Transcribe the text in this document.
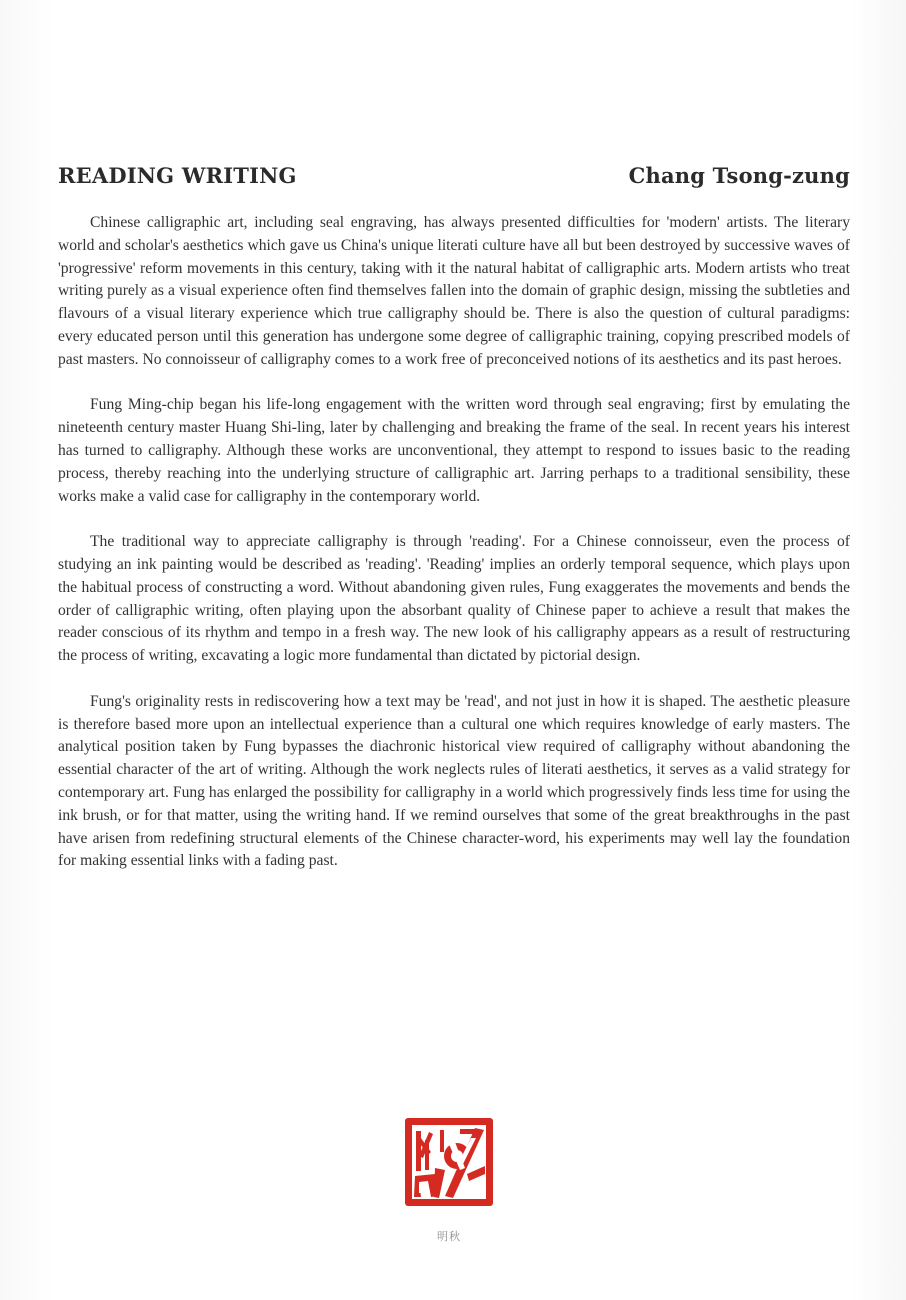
READING WRITING	Chang Tsong-zung

Chinese calligraphic art, including seal engraving, has always presented difficulties for 'modern' artists. The literary world and scholar's aesthetics which gave us China's unique literati culture have all but been destroyed by successive waves of 'progressive' reform movements in this century, taking with it the natural habitat of calligraphic arts. Modern artists who treat writing purely as a visual experience often find themselves fallen into the domain of graphic design, missing the subtleties and flavours of a visual literary experience which true calligraphy should be. There is also the question of cultural paradigms: every educated person until this generation has undergone some degree of calligraphic training, copying prescribed models of past masters. No connoisseur of calligraphy comes to a work free of preconceived notions of its aesthetics and its past heroes.

Fung Ming-chip began his life-long engagement with the written word through seal engraving; first by emulating the nineteenth century master Huang Shi-ling, later by challenging and breaking the frame of the seal. In recent years his interest has turned to calligraphy. Although these works are unconventional, they attempt to respond to issues basic to the reading process, thereby reaching into the underlying structure of calligraphic art. Jarring perhaps to a traditional sensibility, these works make a valid case for calligraphy in the contemporary world.

The traditional way to appreciate calligraphy is through 'reading'. For a Chinese connoisseur, even the process of studying an ink painting would be described as 'reading'. 'Reading' implies an orderly temporal sequence, which plays upon the habitual process of constructing a word. Without abandoning given rules, Fung exaggerates the movements and bends the order of calligraphic writing, often playing upon the absorbant quality of Chinese paper to achieve a result that makes the reader conscious of its rhythm and tempo in a fresh way. The new look of his calligraphy appears as a result of restructuring the process of writing, excavating a logic more fundamental than dictated by pictorial design.

Fung's originality rests in rediscovering how a text may be 'read', and not just in how it is shaped. The aesthetic pleasure is therefore based more upon an intellectual experience than a cultural one which requires knowledge of early masters. The analytical position taken by Fung bypasses the diachronic historical view required of calligraphy without abandoning the essential character of the art of writing. Although the work neglects rules of literati aesthetics, it serves as a valid strategy for contemporary art. Fung has enlarged the possibility for calligraphy in a world which progressively finds less time for using the ink brush, or for that matter, using the writing hand. If we remind ourselves that some of the great breakthroughs in the past have arisen from redefining structural elements of the Chinese character-word, his experiments may well lay the foundation for making essential links with a fading past.

明秋
